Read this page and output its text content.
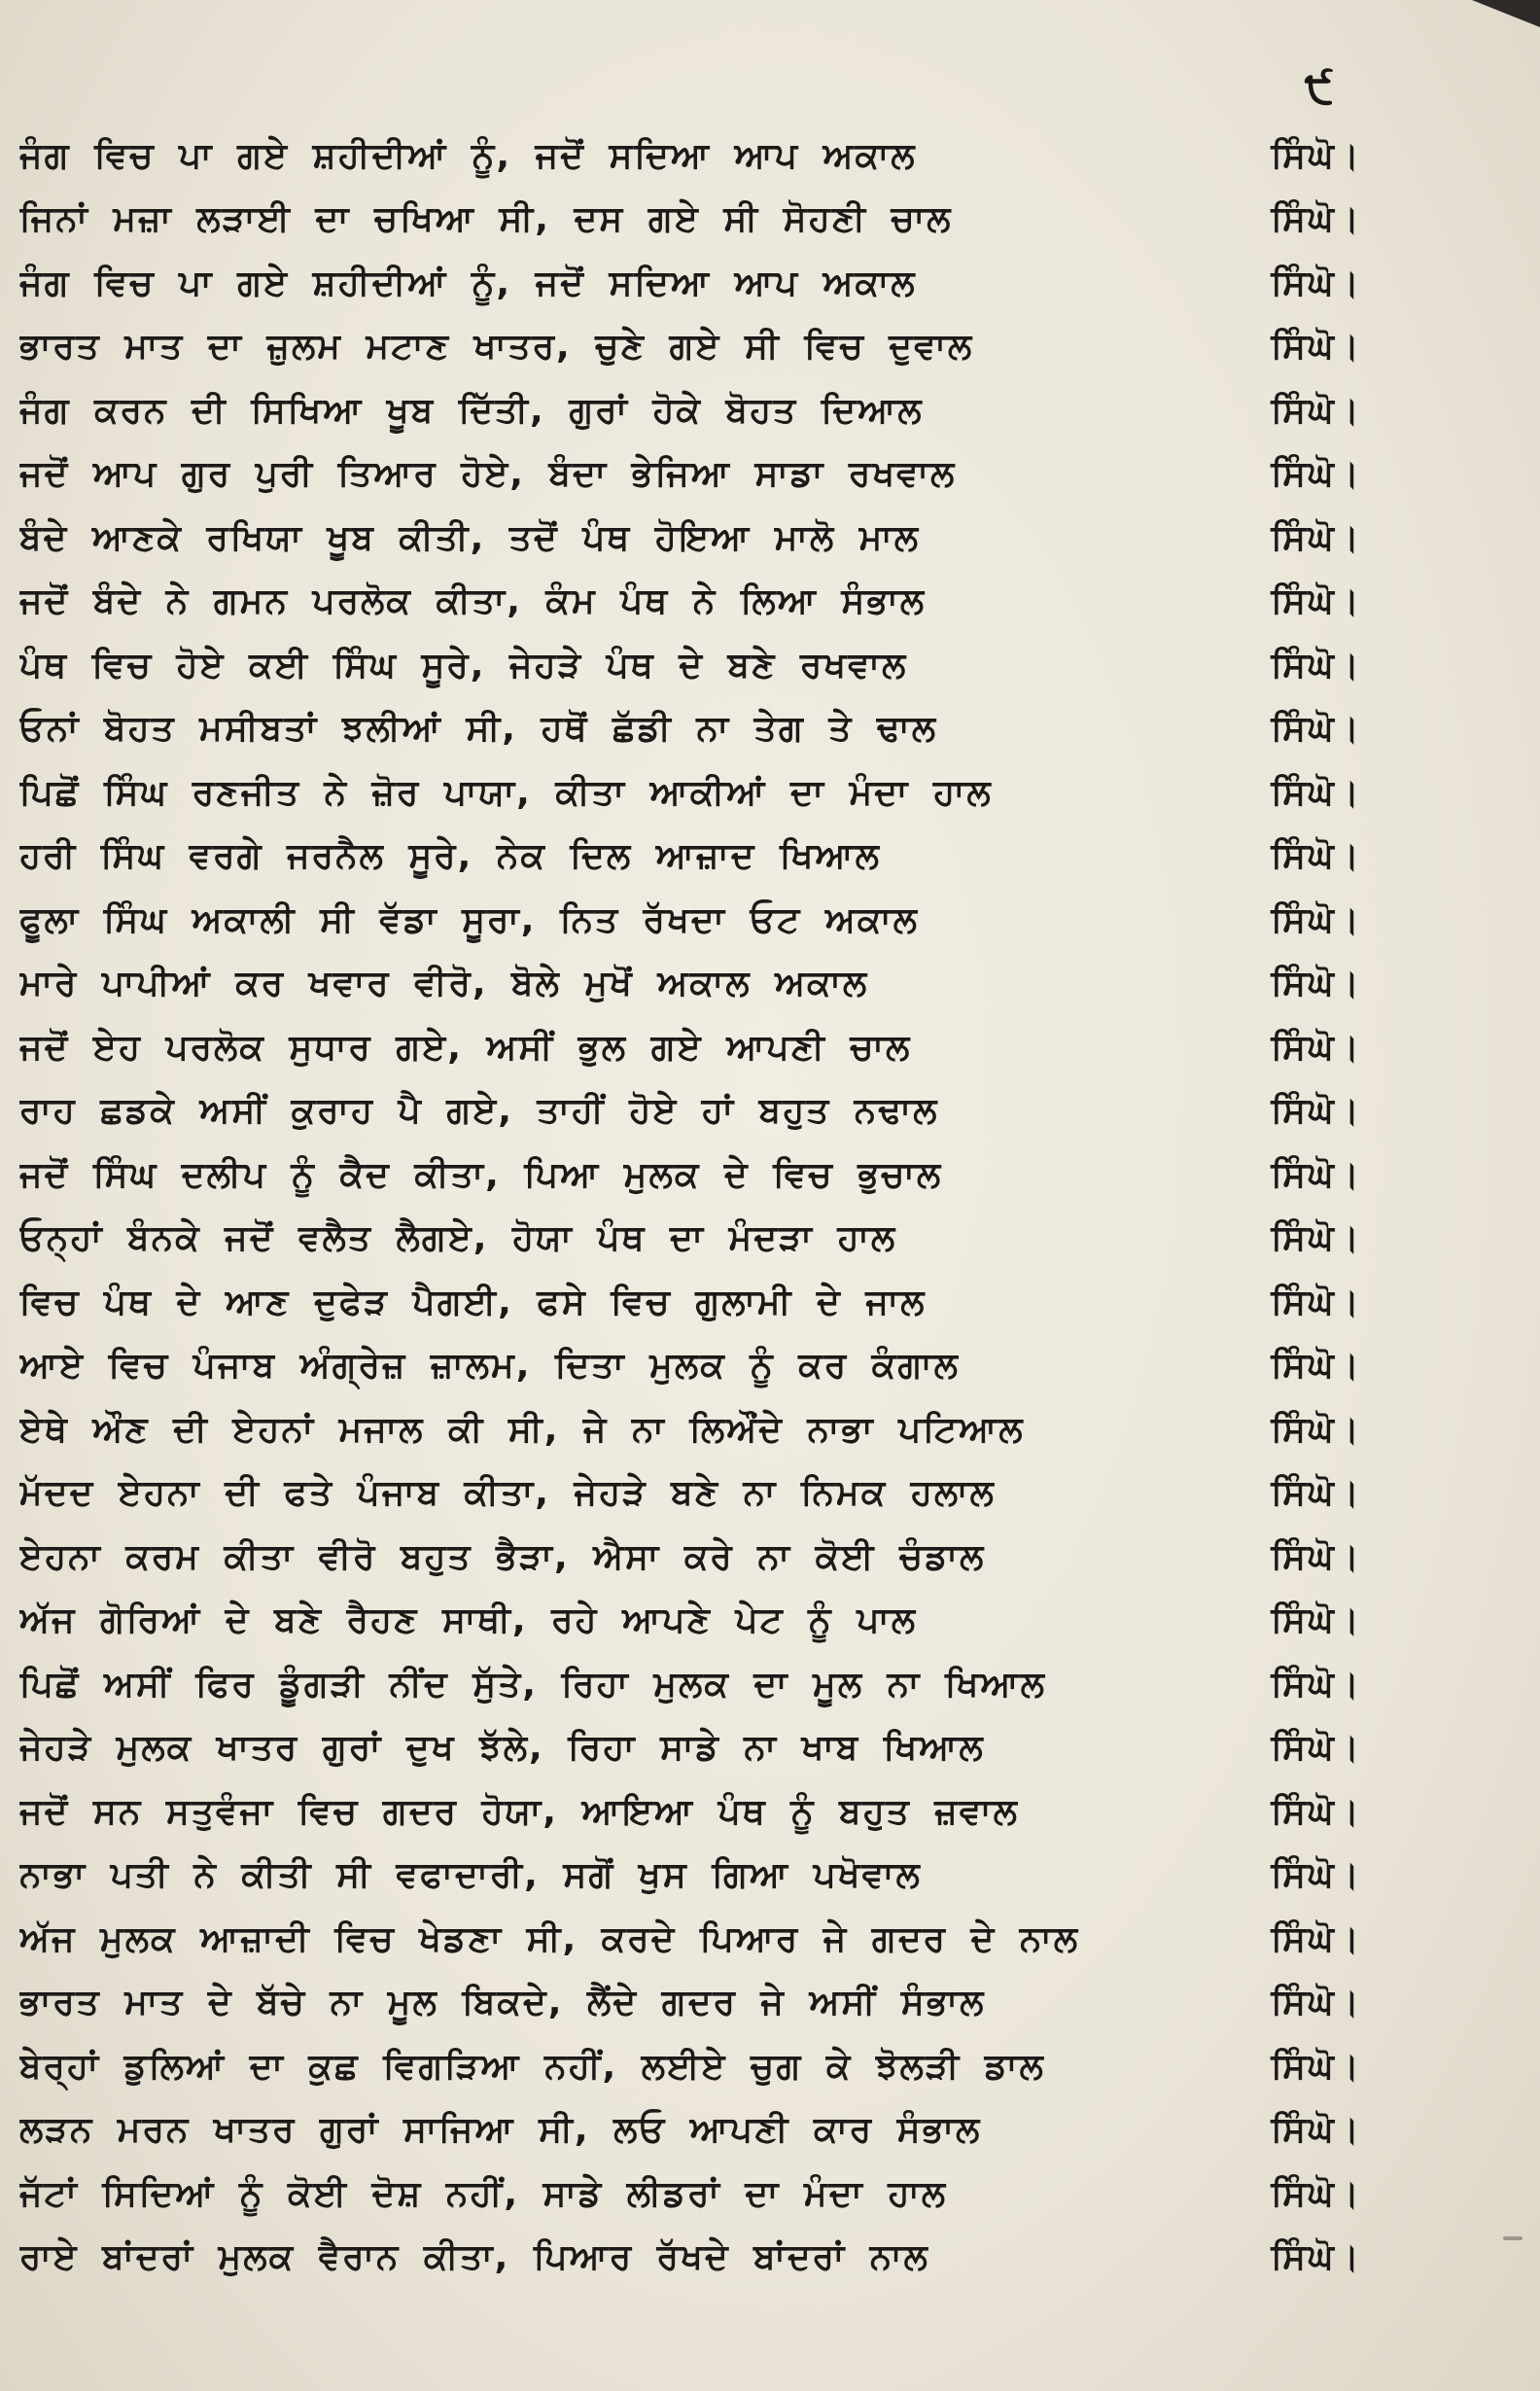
੯
ਜੰਗ ਵਿਚ ਪਾ ਗਏ ਸ਼ਹੀਦੀਆਂ ਨੂੰ, ਜਦੋਂ ਸਦਿਆ ਆਪ ਅਕਾਲ	ਸਿੰਘੋ।
ਜਿਨਾਂ ਮਜ਼ਾ ਲੜਾਈ ਦਾ ਚਖਿਆ ਸੀ, ਦਸ ਗਏ ਸੀ ਸੋਹਣੀ ਚਾਲ	ਸਿੰਘੋ।
ਜੰਗ ਵਿਚ ਪਾ ਗਏ ਸ਼ਹੀਦੀਆਂ ਨੂੰ, ਜਦੋਂ ਸਦਿਆ ਆਪ ਅਕਾਲ	ਸਿੰਘੋ।
ਭਾਰਤ ਮਾਤ ਦਾ ਜ਼ੁਲਮ ਮਟਾਣ ਖਾਤਰ, ਚੁਣੇ ਗਏ ਸੀ ਵਿਚ ਦੁਵਾਲ	ਸਿੰਘੋ।
ਜੰਗ ਕਰਨ ਦੀ ਸਿਖਿਆ ਖੂਬ ਦਿੱਤੀ, ਗੁਰਾਂ ਹੋਕੇ ਬੋਹਤ ਦਿਆਲ	ਸਿੰਘੋ।
ਜਦੋਂ ਆਪ ਗੁਰ ਪੁਰੀ ਤਿਆਰ ਹੋਏ, ਬੰਦਾ ਭੇਜਿਆ ਸਾਡਾ ਰਖਵਾਲ	ਸਿੰਘੋ।
ਬੰਦੇ ਆਣਕੇ ਰਖਿਯਾ ਖੂਬ ਕੀਤੀ, ਤਦੋਂ ਪੰਥ ਹੋਇਆ ਮਾਲੋ ਮਾਲ	ਸਿੰਘੋ।
ਜਦੋਂ ਬੰਦੇ ਨੇ ਗਮਨ ਪਰਲੋਕ ਕੀਤਾ, ਕੰਮ ਪੰਥ ਨੇ ਲਿਆ ਸੰਭਾਲ	ਸਿੰਘੋ।
ਪੰਥ ਵਿਚ ਹੋਏ ਕਈ ਸਿੰਘ ਸੂਰੇ, ਜੇਹੜੇ ਪੰਥ ਦੇ ਬਣੇ ਰਖਵਾਲ	ਸਿੰਘੋ।
ਓਨਾਂ ਬੋਹਤ ਮਸੀਬਤਾਂ ਝਲੀਆਂ ਸੀ, ਹਥੋਂ ਛੱਡੀ ਨਾ ਤੇਗ ਤੇ ਢਾਲ	ਸਿੰਘੋ।
ਪਿਛੋਂ ਸਿੰਘ ਰਣਜੀਤ ਨੇ ਜ਼ੋਰ ਪਾਯਾ, ਕੀਤਾ ਆਕੀਆਂ ਦਾ ਮੰਦਾ ਹਾਲ	ਸਿੰਘੋ।
ਹਰੀ ਸਿੰਘ ਵਰਗੇ ਜਰਨੈਲ ਸੂਰੇ, ਨੇਕ ਦਿਲ ਆਜ਼ਾਦ ਖਿਆਲ	ਸਿੰਘੋ।
ਫੂਲਾ ਸਿੰਘ ਅਕਾਲੀ ਸੀ ਵੱਡਾ ਸੂਰਾ, ਨਿਤ ਰੱਖਦਾ ਓਟ ਅਕਾਲ	ਸਿੰਘੋ।
ਮਾਰੇ ਪਾਪੀਆਂ ਕਰ ਖਵਾਰ ਵੀਰੋ, ਬੋਲੇ ਮੁਖੋਂ ਅਕਾਲ ਅਕਾਲ	ਸਿੰਘੋ।
ਜਦੋਂ ਏਹ ਪਰਲੋਕ ਸੁਧਾਰ ਗਏ, ਅਸੀਂ ਭੁਲ ਗਏ ਆਪਣੀ ਚਾਲ	ਸਿੰਘੋ।
ਰਾਹ ਛਡਕੇ ਅਸੀਂ ਕੁਰਾਹ ਪੈ ਗਏ, ਤਾਹੀਂ ਹੋਏ ਹਾਂ ਬਹੁਤ ਨਢਾਲ	ਸਿੰਘੋ।
ਜਦੋਂ ਸਿੰਘ ਦਲੀਪ ਨੂੰ ਕੈਦ ਕੀਤਾ, ਪਿਆ ਮੁਲਕ ਦੇ ਵਿਚ ਭੁਚਾਲ	ਸਿੰਘੋ।
ਓਨ੍ਹਾਂ ਬੰਨਕੇ ਜਦੋਂ ਵਲੈਤ ਲੈਗਏ, ਹੋਯਾ ਪੰਥ ਦਾ ਮੰਦੜਾ ਹਾਲ	ਸਿੰਘੋ।
ਵਿਚ ਪੰਥ ਦੇ ਆਣ ਦੁਫੇੜ ਪੈਗਈ, ਫਸੇ ਵਿਚ ਗੁਲਾਮੀ ਦੇ ਜਾਲ	ਸਿੰਘੋ।
ਆਏ ਵਿਚ ਪੰਜਾਬ ਅੰਗ੍ਰੇਜ਼ ਜ਼ਾਲਮ, ਦਿਤਾ ਮੁਲਕ ਨੂੰ ਕਰ ਕੰਗਾਲ	ਸਿੰਘੋ।
ਏਥੇ ਔਣ ਦੀ ਏਹਨਾਂ ਮਜਾਲ ਕੀ ਸੀ, ਜੇ ਨਾ ਲਿਔਂਦੇ ਨਾਭਾ ਪਟਿਆਲ	ਸਿੰਘੋ।
ਮੱਦਦ ਏਹਨਾ ਦੀ ਫਤੇ ਪੰਜਾਬ ਕੀਤਾ, ਜੇਹੜੇ ਬਣੇ ਨਾ ਨਿਮਕ ਹਲਾਲ	ਸਿੰਘੋ।
ਏਹਨਾ ਕਰਮ ਕੀਤਾ ਵੀਰੋ ਬਹੁਤ ਭੈੜਾ, ਐਸਾ ਕਰੇ ਨਾ ਕੋਈ ਚੰਡਾਲ	ਸਿੰਘੋ।
ਅੱਜ ਗੋਰਿਆਂ ਦੇ ਬਣੇ ਰੈਹਣ ਸਾਥੀ, ਰਹੇ ਆਪਣੇ ਪੇਟ ਨੂੰ ਪਾਲ	ਸਿੰਘੋ।
ਪਿਛੋਂ ਅਸੀਂ ਫਿਰ ਡੂੰਗੜੀ ਨੀਂਦ ਸੁੱਤੇ, ਰਿਹਾ ਮੁਲਕ ਦਾ ਮੂਲ ਨਾ ਖਿਆਲ	ਸਿੰਘੋ।
ਜੇਹੜੇ ਮੁਲਕ ਖਾਤਰ ਗੁਰਾਂ ਦੁਖ ਝੱਲੇ, ਰਿਹਾ ਸਾਡੇ ਨਾ ਖਾਬ ਖਿਆਲ	ਸਿੰਘੋ।
ਜਦੋਂ ਸਨ ਸਤੁਵੰਜਾ ਵਿਚ ਗਦਰ ਹੋਯਾ, ਆਇਆ ਪੰਥ ਨੂੰ ਬਹੁਤ ਜ਼ਵਾਲ	ਸਿੰਘੋ।
ਨਾਭਾ ਪਤੀ ਨੇ ਕੀਤੀ ਸੀ ਵਫਾਦਾਰੀ, ਸਗੋਂ ਖੁਸ ਗਿਆ ਪਖੋਵਾਲ	ਸਿੰਘੋ।
ਅੱਜ ਮੁਲਕ ਆਜ਼ਾਦੀ ਵਿਚ ਖੇਡਣਾ ਸੀ, ਕਰਦੇ ਪਿਆਰ ਜੇ ਗਦਰ ਦੇ ਨਾਲ	ਸਿੰਘੋ।
ਭਾਰਤ ਮਾਤ ਦੇ ਬੱਚੇ ਨਾ ਮੂਲ ਬਿਕਦੇ, ਲੈਂਦੇ ਗਦਰ ਜੇ ਅਸੀਂ ਸੰਭਾਲ	ਸਿੰਘੋ।
ਬੇਰ੍ਹਾਂ ਡੁਲਿਆਂ ਦਾ ਕੁਛ ਵਿਗੜਿਆ ਨਹੀਂ, ਲਈਏ ਚੁਗ ਕੇ ਝੋਲੜੀ ਡਾਲ	ਸਿੰਘੋ।
ਲੜਨ ਮਰਨ ਖਾਤਰ ਗੁਰਾਂ ਸਾਜਿਆ ਸੀ, ਲਓ ਆਪਣੀ ਕਾਰ ਸੰਭਾਲ	ਸਿੰਘੋ।
ਜੱਟਾਂ ਸਿਦਿਆਂ ਨੂੰ ਕੋਈ ਦੋਸ਼ ਨਹੀਂ, ਸਾਡੇ ਲੀਡਰਾਂ ਦਾ ਮੰਦਾ ਹਾਲ	ਸਿੰਘੋ।
ਰਾਏ ਬਾਂਦਰਾਂ ਮੁਲਕ ਵੈਰਾਨ ਕੀਤਾ, ਪਿਆਰ ਰੱਖਦੇ ਬਾਂਦਰਾਂ ਨਾਲ	ਸਿੰਘੋ।
